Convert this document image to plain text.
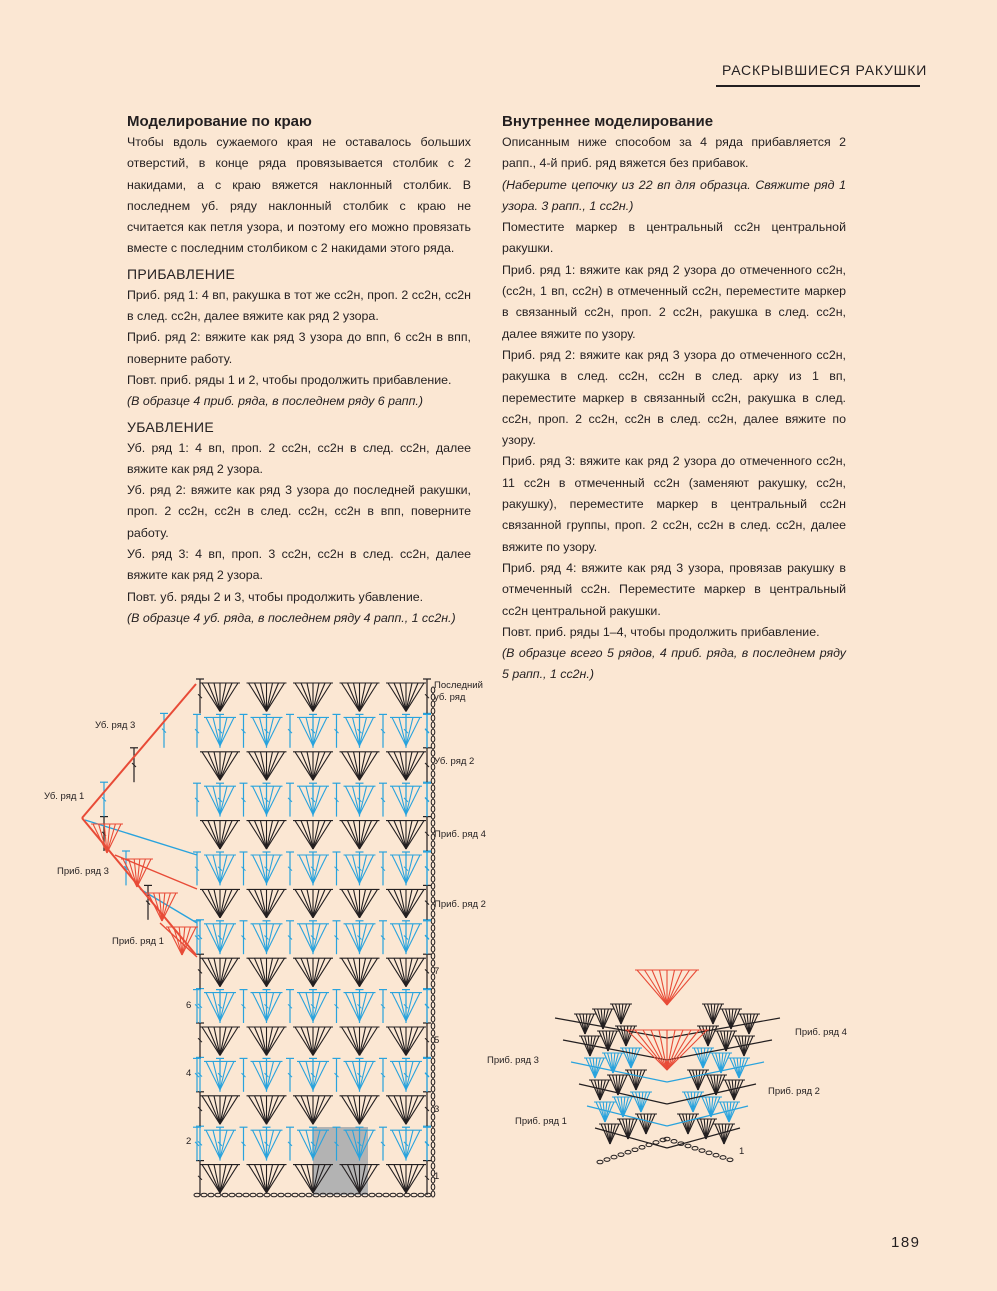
РАСКРЫВШИЕСЯ РАКУШКИ
Моделирование по краю

Чтобы вдоль сужаемого края не оставалось больших отверстий, в конце ряда провязывается столбик с 2 накидами, а с краю вяжется наклонный столбик. В последнем уб. ряду наклонный столбик с краю не считается как петля узора, и поэтому его можно провязать вместе с последним столбиком с 2 накидами этого ряда.

ПРИБАВЛЕНИЕ

Приб. ряд 1: 4 вп, ракушка в тот же сс2н, проп. 2 сс2н, сс2н в след. сс2н, далее вяжите как ряд 2 узора.

Приб. ряд 2: вяжите как ряд 3 узора до впп, 6 сс2н в впп, поверните работу.

Повт. приб. ряды 1 и 2, чтобы продолжить прибавление.

(В образце 4 приб. ряда, в последнем ряду 6 рапп.)

УБАВЛЕНИЕ

Уб. ряд 1: 4 вп, проп. 2 сс2н, сс2н в след. сс2н, далее вяжите как ряд 2 узора.

Уб. ряд 2: вяжите как ряд 3 узора до последней ракушки, проп. 2 сс2н, сс2н в след. сс2н, сс2н в впп, поверните работу.

Уб. ряд 3: 4 вп, проп. 3 сс2н, сс2н в след. сс2н, далее вяжите как ряд 2 узора.

Повт. уб. ряды 2 и 3, чтобы продолжить убавление.

(В образце 4 уб. ряда, в последнем ряду 4 рапп., 1 сс2н.)

Внутреннее моделирование

Описанным ниже способом за 4 ряда прибавляется 2 рапп., 4-й приб. ряд вяжется без прибавок.

(Наберите цепочку из 22 вп для образца. Свяжите ряд 1 узора. 3 рапп., 1 сс2н.)

Поместите маркер в центральный сс2н центральной ракушки.

Приб. ряд 1: вяжите как ряд 2 узора до отмеченного сс2н, (сс2н, 1 вп, сс2н) в отмеченный сс2н, переместите маркер в связанный сс2н, проп. 2 сс2н, ракушка в след. сс2н, далее вяжите по узору.

Приб. ряд 2: вяжите как ряд 3 узора до отмеченного сс2н, ракушка в след. сс2н, сс2н в след. арку из 1 вп, переместите маркер в связанный сс2н, ракушка в след. сс2н, проп. 2 сс2н, сс2н в след. сс2н, далее вяжите по узору.

Приб. ряд 3: вяжите как ряд 2 узора до отмеченного сс2н, 11 сс2н в отмеченный сс2н (заменяют ракушку, сс2н, ракушку), переместите маркер в центральный сс2н связанной группы, проп. 2 сс2н, сс2н в след. сс2н, далее вяжите по узору.

Приб. ряд 4: вяжите как ряд 3 узора, провязав ракушку в отмеченный сс2н. Переместите маркер в центральный сс2н центральной ракушки.

Повт. приб. ряды 1–4, чтобы продолжить прибавление.

(В образце всего 5 рядов, 4 приб. ряда, в последнем ряду 5 рапп., 1 сс2н.)

Последний
уб. ряд
Уб. ряд 3
Уб. ряд 2
Уб. ряд 1
Приб. ряд 4
Приб. ряд 3
Приб. ряд 2
Приб. ряд 1
7
6
5
4
3
2
1
Приб. ряд 4
Приб. ряд 3
Приб. ряд 2
Приб. ряд 1
1
189
